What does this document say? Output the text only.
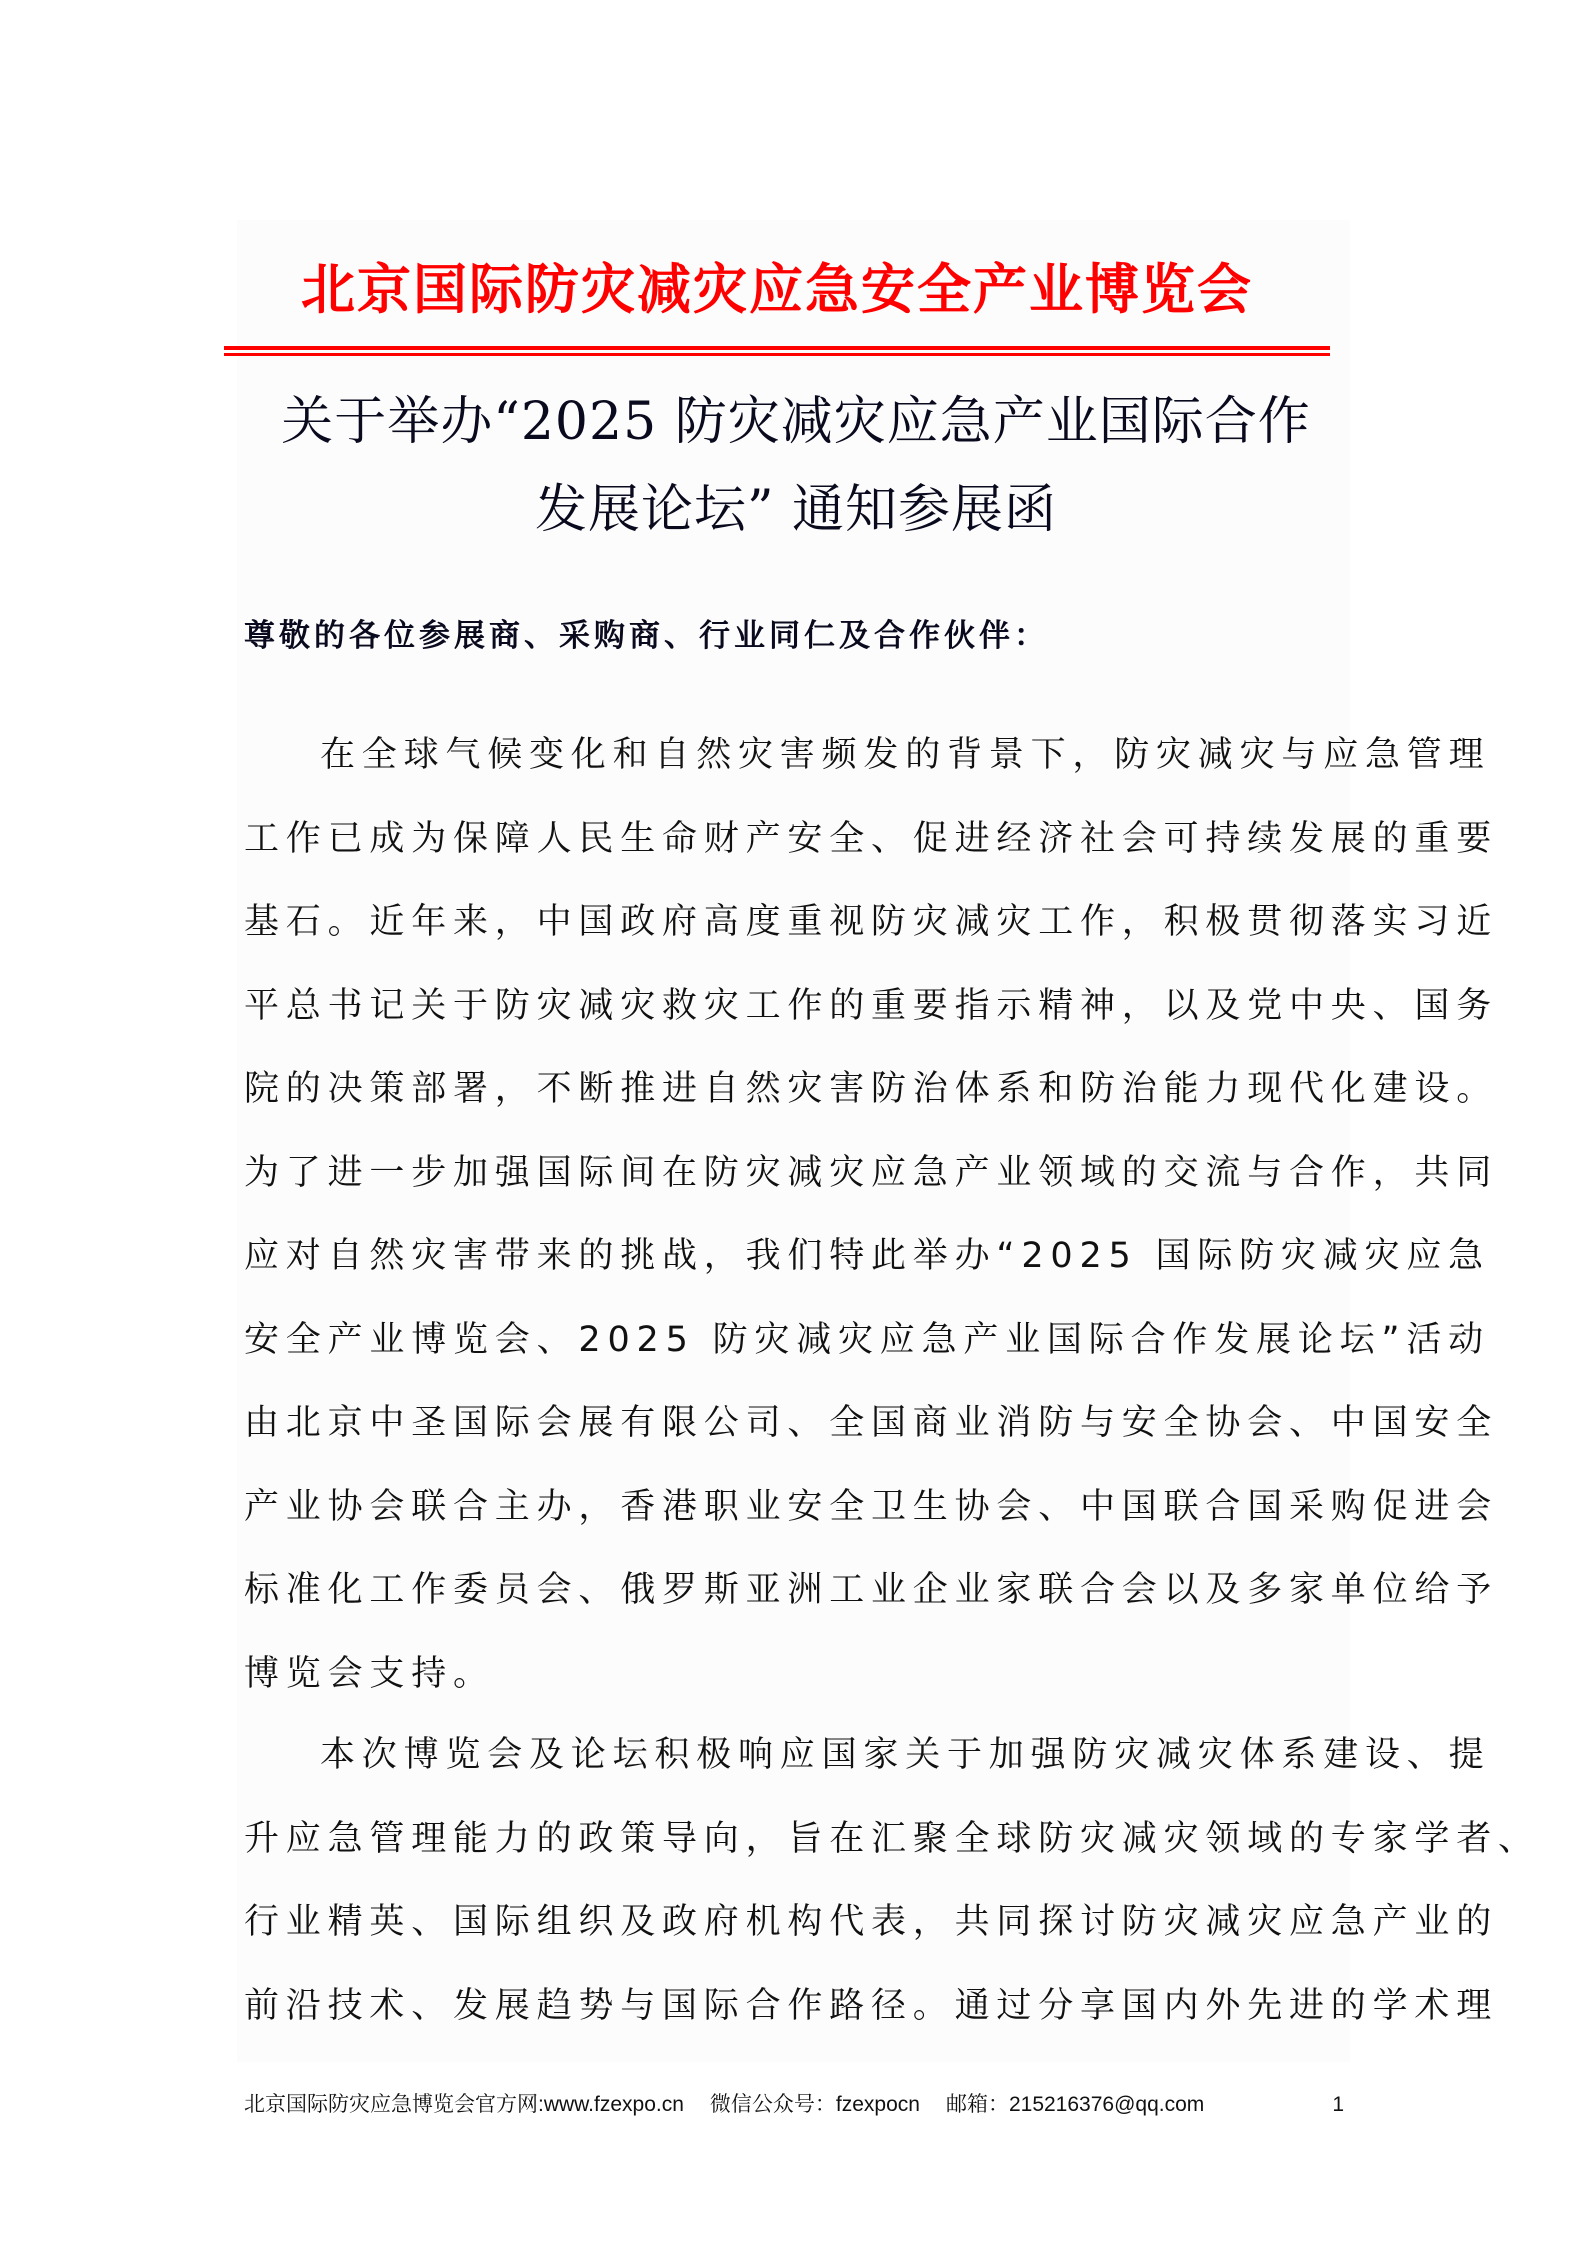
北京国际防灾减灾应急安全产业博览会
关于举办“2025 防灾减灾应急产业国际合作
发展论坛” 通知参展函
尊敬的各位参展商、采购商、行业同仁及合作伙伴：
在全球气候变化和自然灾害频发的背景下，防灾减灾与应急管理
工作已成为保障人民生命财产安全、促进经济社会可持续发展的重要
基石。近年来，中国政府高度重视防灾减灾工作，积极贯彻落实习近
平总书记关于防灾减灾救灾工作的重要指示精神，以及党中央、国务
院的决策部署，不断推进自然灾害防治体系和防治能力现代化建设。
为了进一步加强国际间在防灾减灾应急产业领域的交流与合作，共同
应对自然灾害带来的挑战，我们特此举办“2025 国际防灾减灾应急
安全产业博览会、2025 防灾减灾应急产业国际合作发展论坛”活动
由北京中圣国际会展有限公司、全国商业消防与安全协会、中国安全
产业协会联合主办，香港职业安全卫生协会、中国联合国采购促进会
标准化工作委员会、俄罗斯亚洲工业企业家联合会以及多家单位给予
博览会支持。
本次博览会及论坛积极响应国家关于加强防灾减灾体系建设、提
升应急管理能力的政策导向，旨在汇聚全球防灾减灾领域的专家学者、
行业精英、国际组织及政府机构代表，共同探讨防灾减灾应急产业的
前沿技术、发展趋势与国际合作路径。通过分享国内外先进的学术理
北京国际防灾应急博览会官方网: www.fzexpo.cn 微信公众号： fzexpocn 邮箱： 215216376@qq.com	1
